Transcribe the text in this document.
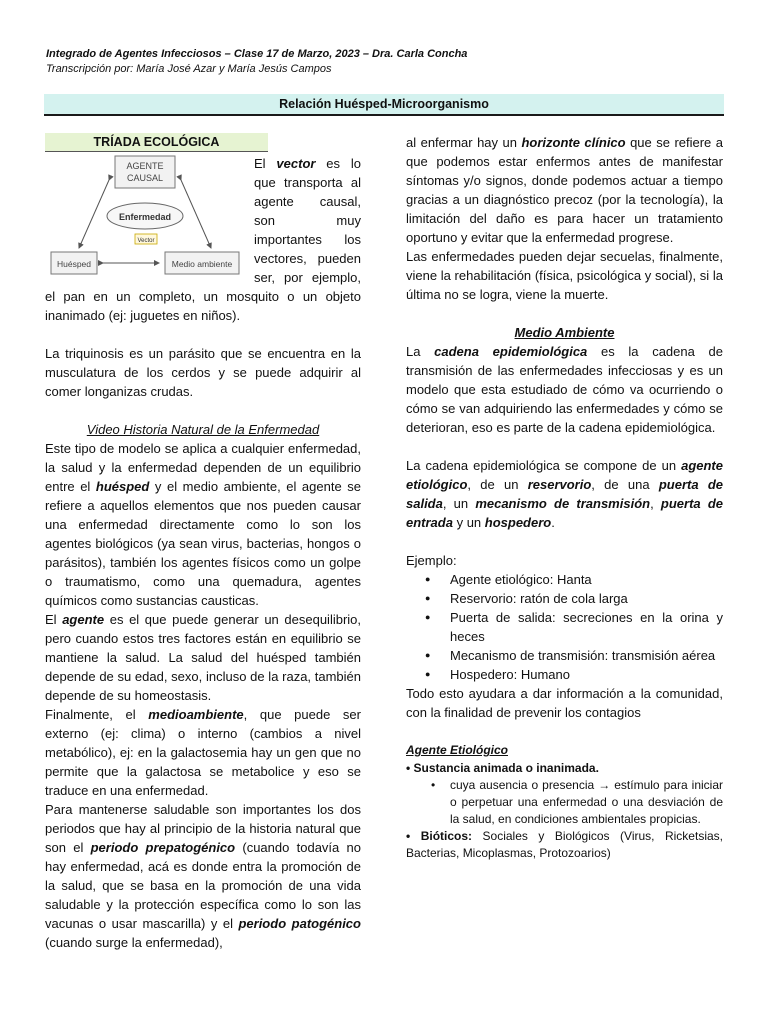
Integrado de Agentes Infecciosos – Clase 17 de Marzo, 2023 – Dra. Carla Concha
Transcripción por: María José Azar y María Jesús Campos
Relación Huésped-Microorganismo
TRÍADA ECOLÓGICA
AGENTE
CAUSAL
Enfermedad
Vector
Huésped	Medio ambiente

El vector es lo que transporta al agente causal, son muy importantes los vectores, pueden ser, por ejemplo, el pan en un completo, un mosquito o un objeto inanimado (ej: juguetes en niños).

La triquinosis es un parásito que se encuentra en la musculatura de los cerdos y se puede adquirir al comer longanizas crudas.

Video Historia Natural de la Enfermedad

Este tipo de modelo se aplica a cualquier enfermedad, la salud y la enfermedad dependen de un equilibrio entre el huésped y el medio ambiente, el agente se refiere a aquellos elementos que nos pueden causar una enfermedad directamente como lo son los agentes biológicos (ya sean virus, bacterias, hongos o parásitos), también los agentes físicos como un golpe o traumatismo, como una quemadura, agentes químicos como sustancias causticas.

El agente es el que puede generar un desequilibrio, pero cuando estos tres factores están en equilibrio se mantiene la salud. La salud del huésped también depende de su edad, sexo, incluso de la raza, también depende de su homeostasis.

Finalmente, el medioambiente, que puede ser externo (ej: clima) o interno (cambios a nivel metabólico), ej: en la galactosemia hay un gen que no permite que la galactosa se metabolice y eso se traduce en una enfermedad.

Para mantenerse saludable son importantes los dos periodos que hay al principio de la historia natural que son el periodo prepatogénico (cuando todavía no hay enfermedad, acá es donde entra la promoción de la salud, que se basa en la promoción de una vida saludable y la protección específica como lo son las vacunas o usar mascarilla) y el periodo patogénico (cuando surge la enfermedad),

al enfermar hay un horizonte clínico que se refiere a que podemos estar enfermos antes de manifestar síntomas y/o signos, donde podemos actuar a tiempo gracias a un diagnóstico precoz (por la tecnología), la limitación del daño es para hacer un tratamiento oportuno y evitar que la enfermedad progrese.

Las enfermedades pueden dejar secuelas, finalmente, viene la rehabilitación (física, psicológica y social), si la última no se logra, viene la muerte.

Medio Ambiente

La cadena epidemiológica es la cadena de transmisión de las enfermedades infecciosas y es un modelo que esta estudiado de cómo va ocurriendo o cómo se van adquiriendo las enfermedades y cómo se deterioran, eso es parte de la cadena epidemiológica.

La cadena epidemiológica se compone de un agente etiológico, de un reservorio, de una puerta de salida, un mecanismo de transmisión, puerta de entrada y un hospedero.

Ejemplo:

● Agente etiológico: Hanta
● Reservorio: ratón de cola larga
● Puerta de salida: secreciones en la orina y heces
● Mecanismo de transmisión: transmisión aérea
● Hospedero: Humano

Todo esto ayudara a dar información a la comunidad, con la finalidad de prevenir los contagios

Agente Etiológico

• Sustancia animada o inanimada.

• cuya ausencia o presencia → estímulo para iniciar o perpetuar una enfermedad o una desviación de la salud, en condiciones ambientales propicias.

• Bióticos: Sociales y Biológicos (Virus, Ricketsias, Bacterias, Micoplasmas, Protozoarios)
